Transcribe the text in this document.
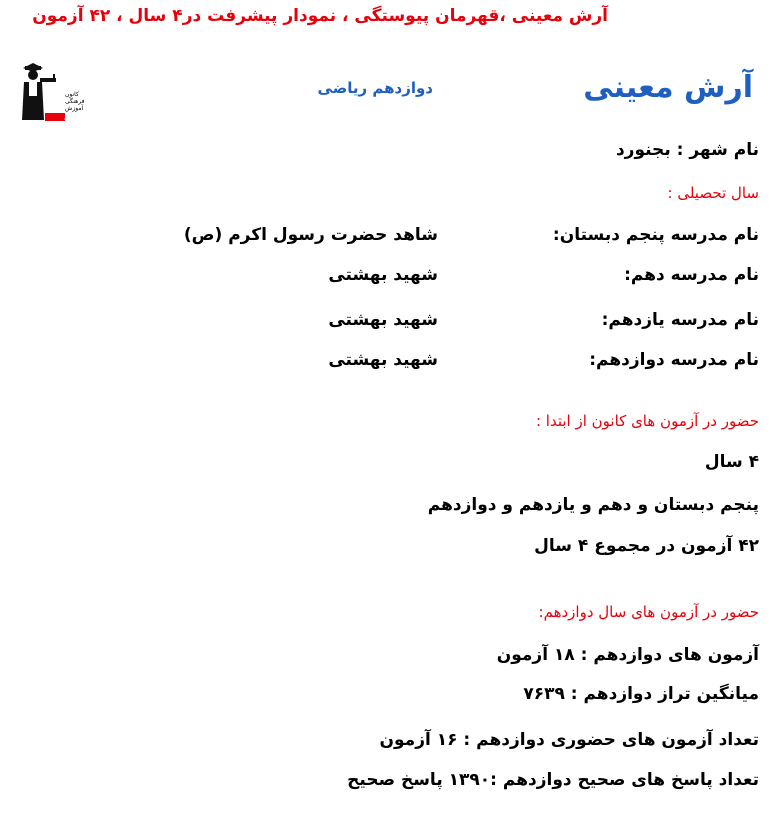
آرش معینی ،قهرمان پیوستگی ، نمودار پیشرفت در۴ سال ، ۴۲ آزمون
آرش معینی
دوازدهم ریاضی
کانون
فرهنگی
آموزش
قلم چی
نام شهر : بجنورد
سال تحصیلی :
نام مدرسه پنجم دبستان:
شاهد حضرت رسول اکرم (ص)
نام مدرسه دهم:
شهید بهشتی
نام مدرسه یازدهم:
شهید بهشتی
نام مدرسه دوازدهم:
شهید بهشتی
حضور در آزمون های کانون از ابتدا :
۴ سال
پنجم دبستان و دهم و یازدهم و دوازدهم
۴۲ آزمون در مجموع ۴ سال
حضور در آزمون های سال دوازدهم:
آزمون های دوازدهم : ۱۸ آزمون
میانگین تراز دوازدهم : ۷۶۳۹
تعداد آزمون های حضوری دوازدهم : ۱۶ آزمون
تعداد پاسخ های صحیح دوازدهم :۱۳۹۰ پاسخ صحیح
